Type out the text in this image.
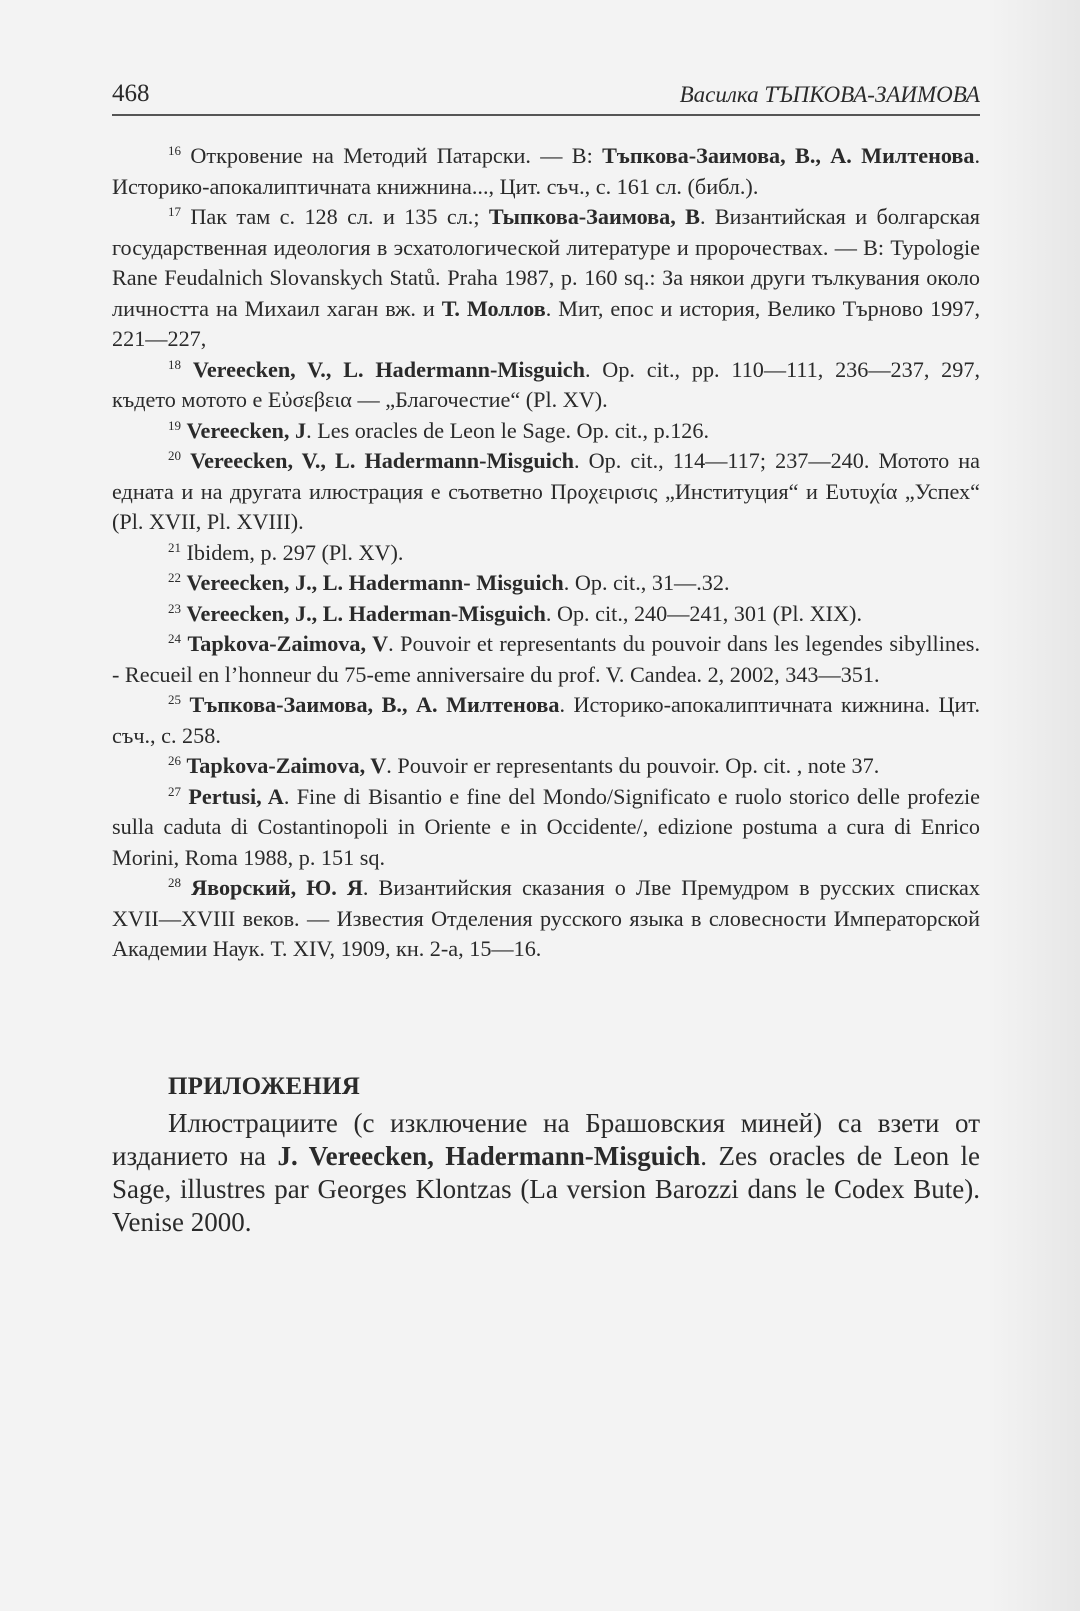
468	Василка ТЪПКОВА-ЗАИМОВА

$^{16}$ Откровение на Методий Патарски. — В: Тъпкова-Заимова, В., А. Милтенова. Историко-апокалиптичната книжнина..., Цит. съч., с. 161 сл. (библ.).

$^{17}$ Пак там с. 128 сл. и 135 сл.; Тыпкова-Заимова, В. Византийская и болгарская государственная идеология в эсхатологической литературе и пророчествах. — В: Typologie Rane Feudalnich Slovanskych Statů. Praha 1987, p. 160 sq.: За някои други тълкувания около личността на Михаил хаган вж. и Т. Моллов. Мит, епос и история, Велико Търново 1997, 221—227,

$^{18}$ Vereecken, V., L. Hadermann-Misguich. Op. cit., pp. 110—111, 236—237, 297, където мотото е Εὐσεβεια — „Благочестие“ (Pl. XV).

$^{19}$ Vereecken, J. Les oracles de Leon le Sage. Op. cit., p.126.

$^{20}$ Vereecken, V., L. Hadermann-Misguich. Op. cit., 114—117; 237—240. Мотото на едната и на другата илюстрация е съответно Προχειρισις „Институция“ и Ευτυχία „Успех“ (Pl. XVII, Pl. XVIII).

$^{21}$ Ibidem, p. 297 (Pl. XV).

$^{22}$ Vereecken, J., L. Hadermann- Misguich. Op. cit., 31—.32.

$^{23}$ Vereecken, J., L. Haderman-Misguich. Op. cit., 240—241, 301 (Pl. XIX).

$^{24}$ Tapkova-Zaimova, V. Pouvoir et representants du pouvoir dans les legendes sibyllines. - Recueil en l’honneur du 75-eme anniversaire du prof. V. Candea. 2, 2002, 343—351.

$^{25}$ Тъпкова-Заимова, В., А. Милтенова. Историко-апокалиптичната кижнина. Цит. съч., с. 258.

$^{26}$ Tapkova-Zaimova, V. Pouvoir er representants du pouvoir. Op. cit. , note 37.

$^{27}$ Pertusi, A. Fine di Bisantio e fine del Mondo/Significato e ruolo storico delle profezie sulla caduta di Costantinopoli in Oriente e in Occidente/, edizione postuma a cura di Enrico Morini, Roma 1988, p. 151 sq.

$^{28}$ Яворский, Ю. Я. Византийския сказания о Лве Премудром в русских списках XVII—XVIII веков. — Известия Отделения русского языка в словесности Императорской Академии Наук. Т. XIV, 1909, кн. 2-а, 15—16.

ПРИЛОЖЕНИЯ

Илюстрациите (с изключение на Брашовския миней) са взети от изданието на J. Vereecken, Hadermann-Misguich. Zes oracles de Leon le Sage, illustres par Georges Klontzas (La version Barozzi dans le Codex Bute). Venise 2000.
